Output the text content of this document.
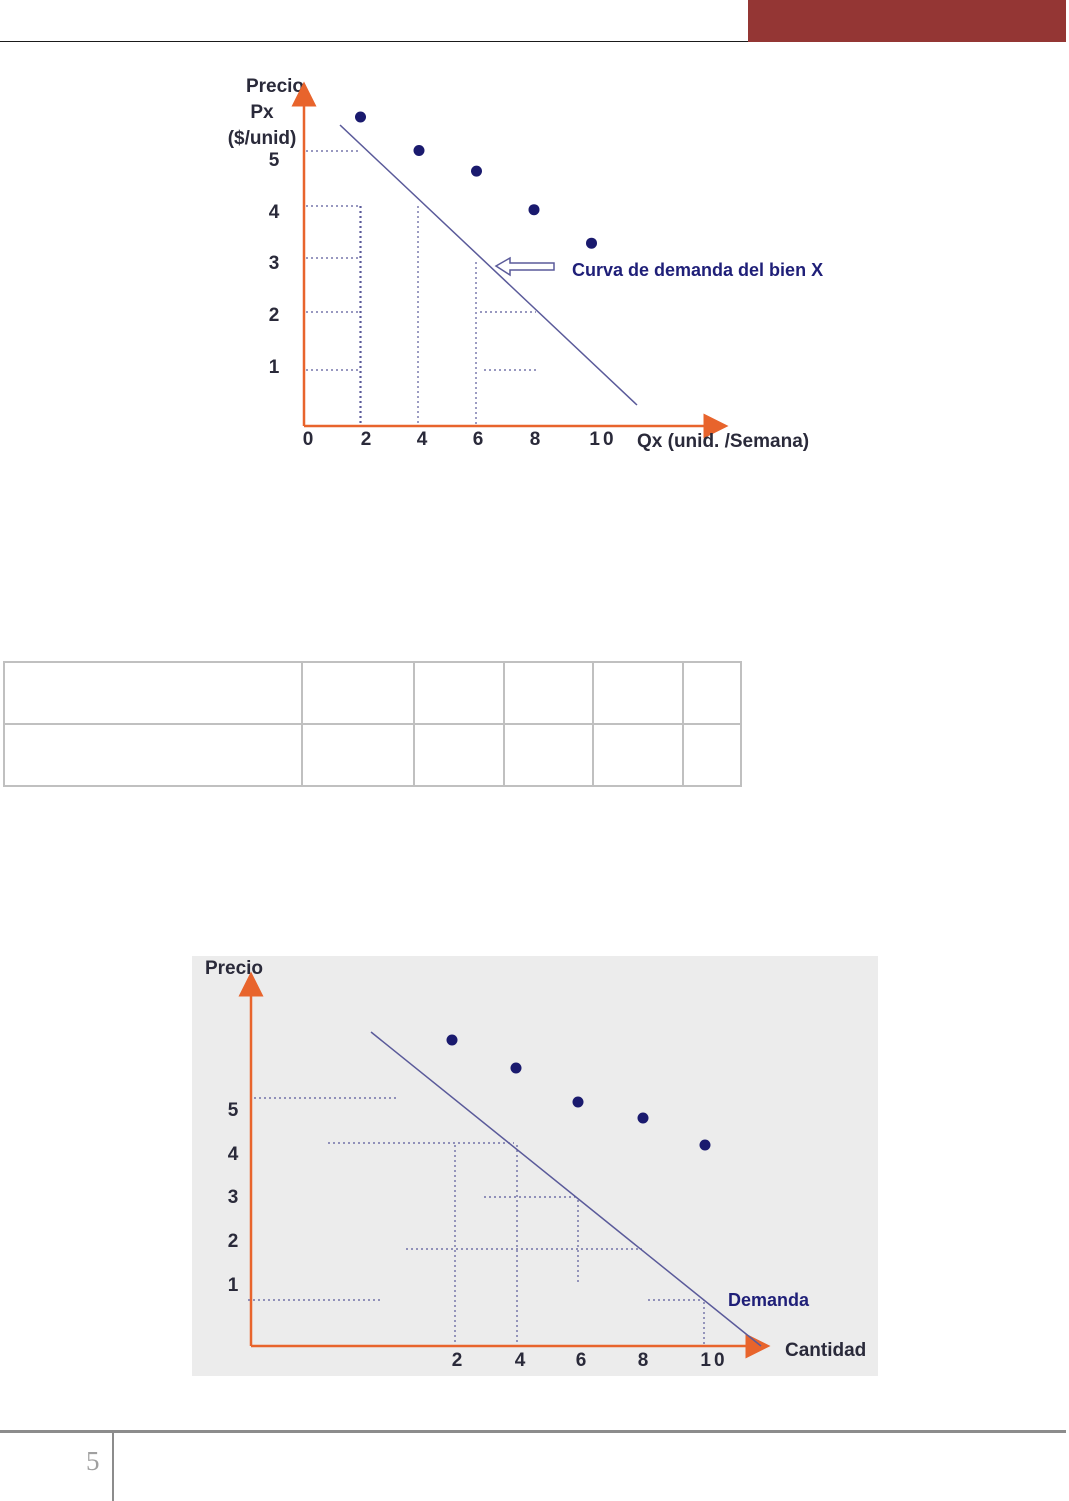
Precio
Px
($/unid)
Curva de demanda del bien X
1
2
3
4
5
0 2 4 6 8	10 Qx (unid. /Semana)
Precio
Demanda
1
2
3
4
5
2	4	6	8	10	Cantidad

5
